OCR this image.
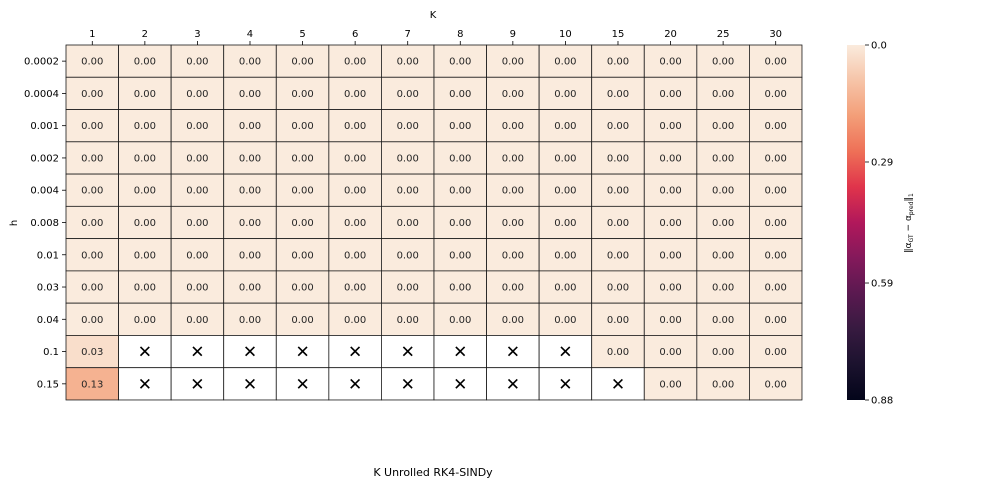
0.00	0.00	0.00	0.00	0.00	0.00	0.00	0.00	0.00	0.00	0.00	0.00	0.00	0.00
0.00	0.00	0.00	0.00	0.00	0.00	0.00	0.00	0.00	0.00	0.00	0.00	0.00	0.00
0.00	0.00	0.00	0.00	0.00	0.00	0.00	0.00	0.00	0.00	0.00	0.00	0.00	0.00
0.00	0.00	0.00	0.00	0.00	0.00	0.00	0.00	0.00	0.00	0.00	0.00	0.00	0.00
0.00	0.00	0.00	0.00	0.00	0.00	0.00	0.00	0.00	0.00	0.00	0.00	0.00	0.00
0.00	0.00	0.00	0.00	0.00	0.00	0.00	0.00	0.00	0.00	0.00	0.00	0.00	0.00
0.00	0.00	0.00	0.00	0.00	0.00	0.00	0.00	0.00	0.00	0.00	0.00	0.00	0.00
0.00	0.00	0.00	0.00	0.00	0.00	0.00	0.00	0.00	0.00	0.00	0.00	0.00	0.00
0.00	0.00	0.00	0.00	0.00	0.00	0.00	0.00	0.00	0.00	0.00	0.00	0.00	0.00
0.03 ✕ ✕ ✕ ✕ ✕ ✕ ✕ ✕ ✕	0.00	0.00	0.00	0.00
0.13 ✕ ✕ ✕ ✕ ✕ ✕ ✕ ✕ ✕ ✕	0.00	0.00	0.00
1	2	3	4	5	6	7	8	9	10	15	20	25	30
0.0002
0.0004
0.001
0.002
0.004
0.008
0.01
0.03
0.04
0.1
0.15
K
h
K Unrolled RK4-SINDy
0.0
0.29
0.59
0.88
$‖\alpha_{GT}$ − $\alpha_{pred}‖_1$
